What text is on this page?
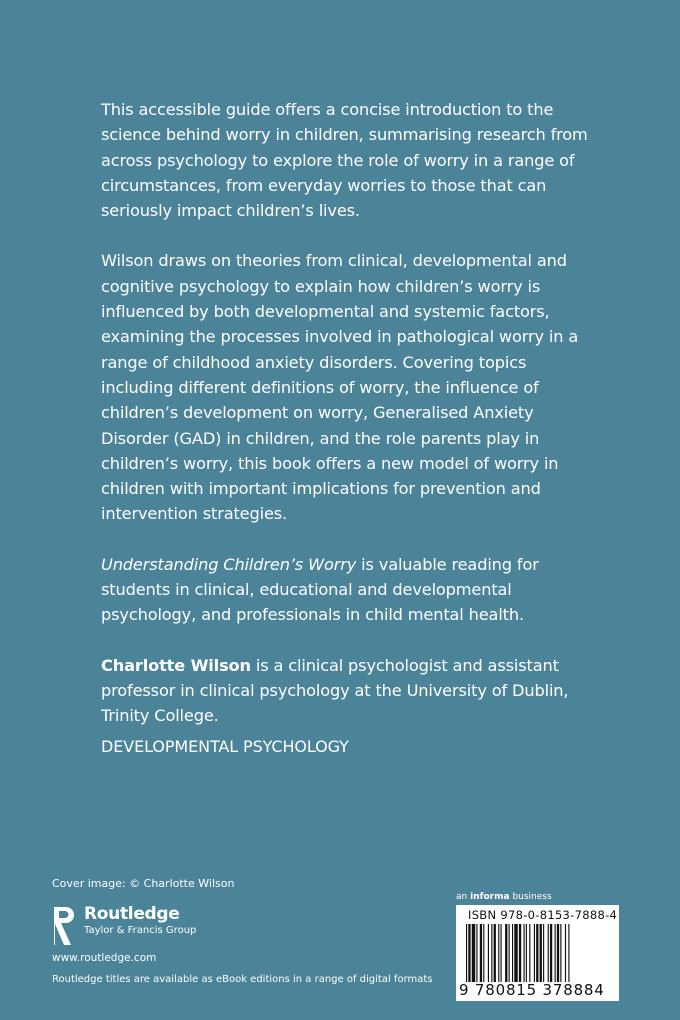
This accessible guide offers a concise introduction to the science behind worry in children, summarising research from across psychology to explore the role of worry in a range of circumstances, from everyday worries to those that can seriously impact children’s lives.

Wilson draws on theories from clinical, developmental and cognitive psychology to explain how children’s worry is influenced by both developmental and systemic factors, examining the processes involved in pathological worry in a range of childhood anxiety disorders. Covering topics including different definitions of worry, the influence of children’s development on worry, Generalised Anxiety Disorder (GAD) in children, and the role parents play in children’s worry, this book offers a new model of worry in children with important implications for prevention and intervention strategies.

Understanding Children’s Worry is valuable reading for students in clinical, educational and developmental psychology, and professionals in child mental health.

Charlotte Wilson is a clinical psychologist and assistant professor in clinical psychology at the University of Dublin, Trinity College.

DEVELOPMENTAL PSYCHOLOGY
Cover image: © Charlotte Wilson
Routledge
Taylor & Francis Group
www.routledge.com
Routledge titles are available as eBook editions in a range of digital formats
an informa business
ISBN 978-0-8153-7888-4
9 780815 378884
